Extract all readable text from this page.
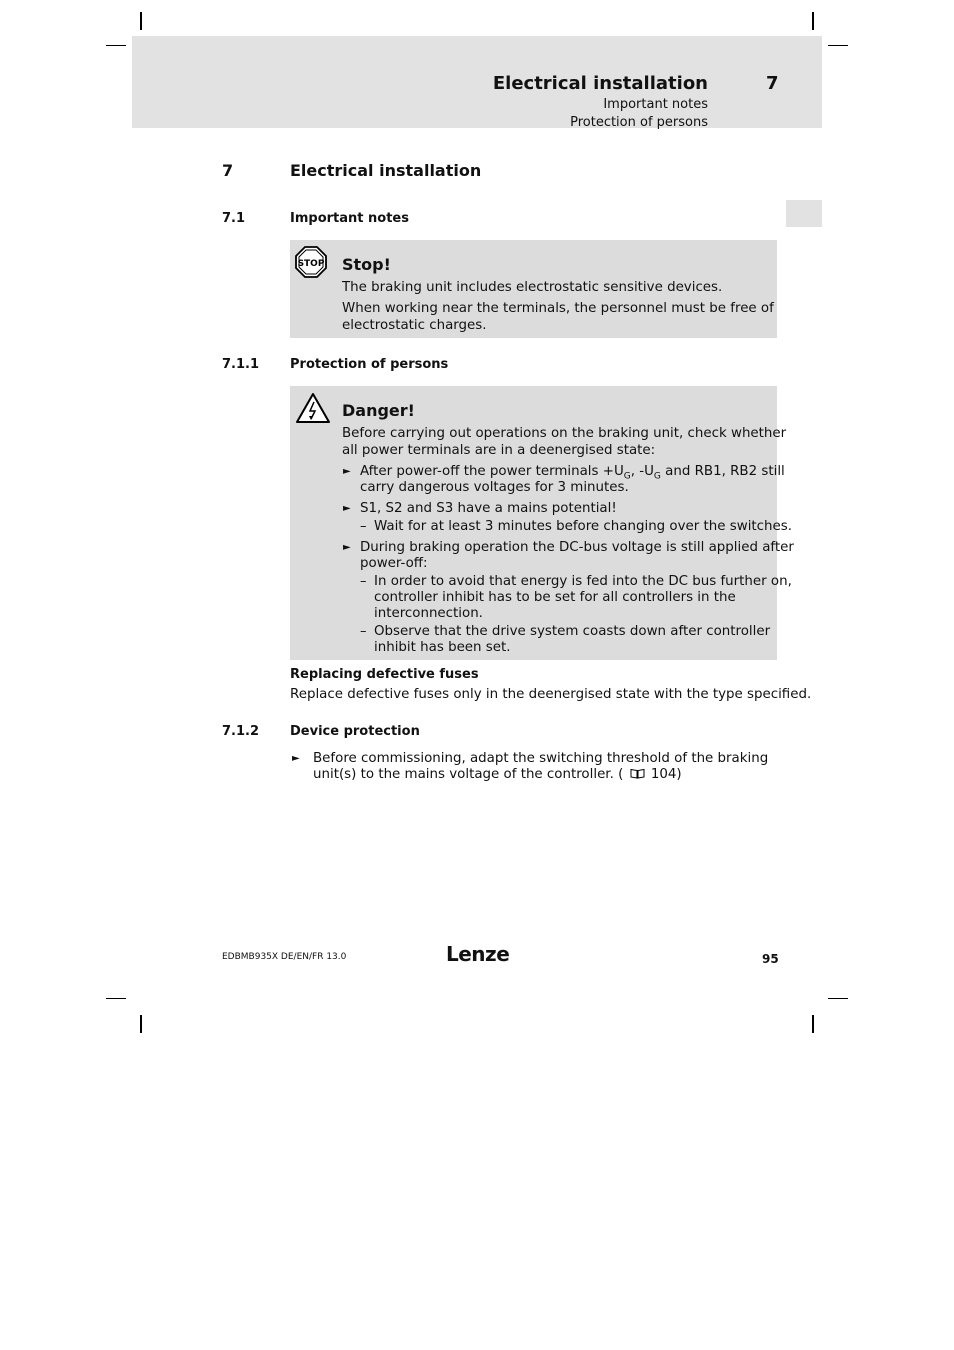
Electrical installation	7
Important notes
Protection of persons
7	Electrical installation
7.1	Important notes
STOP Stop!
The braking unit includes electrostatic sensitive devices.
When working near the terminals, the personnel must be free of
electrostatic charges.
7.1.1 Protection of persons
Danger!
Before carrying out operations on the braking unit, check whether
all power terminals are in a deenergised state:
► After power-off the power terminals $+U_G$, $-U_G$ and RB1, RB2 still
carry dangerous voltages for 3 minutes.
► S1, S2 and S3 have a mains potential!
– Wait for at least 3 minutes before changing over the switches.
► During braking operation the DC-bus voltage is still applied after
power-off:
– In order to avoid that energy is fed into the DC bus further on,
controller inhibit has to be set for all controllers in the
interconnection.
– Observe that the drive system coasts down after controller
inhibit has been set.
Replacing defective fuses
Replace defective fuses only in the deenergised state with the type specified.
7.1.2 Device protection
► Before commissioning, adapt the switching threshold of the braking
unit(s) to the mains voltage of the controller. ( 104)
EDBMB935X DE/EN/FR 13.0	Lenze	95
